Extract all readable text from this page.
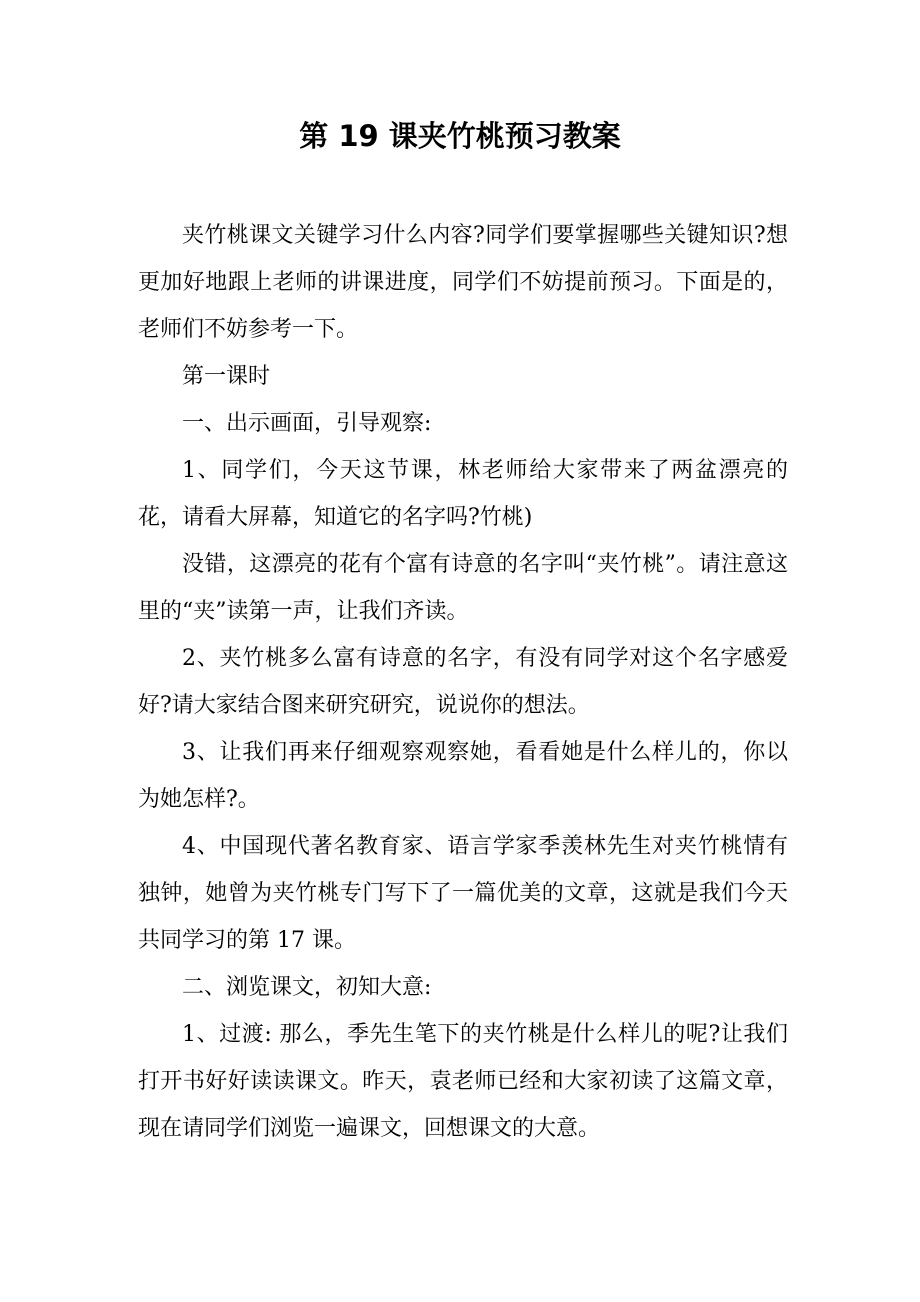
第 19 课夹竹桃预习教案

夹竹桃课文关键学习什么内容?同学们要掌握哪些关键知识?想更加好地跟上老师的讲课进度，同学们不妨提前预习。下面是的，老师们不妨参考一下。

第一课时

一、出示画面，引导观察:

1、同学们，今天这节课，林老师给大家带来了两盆漂亮的花，请看大屏幕，知道它的名字吗?竹桃)

没错，这漂亮的花有个富有诗意的名字叫“夹竹桃”。请注意这里的“夹”读第一声，让我们齐读。

2、夹竹桃多么富有诗意的名字，有没有同学对这个名字感爱好?请大家结合图来研究研究，说说你的想法。

3、让我们再来仔细观察观察她，看看她是什么样儿的，你以为她怎样?。

4、中国现代著名教育家、语言学家季羡林先生对夹竹桃情有独钟，她曾为夹竹桃专门写下了一篇优美的文章，这就是我们今天共同学习的第 17 课。

二、浏览课文，初知大意:

1、过渡: 那么，季先生笔下的夹竹桃是什么样儿的呢?让我们打开书好好读读课文。昨天，袁老师已经和大家初读了这篇文章，现在请同学们浏览一遍课文，回想课文的大意。
